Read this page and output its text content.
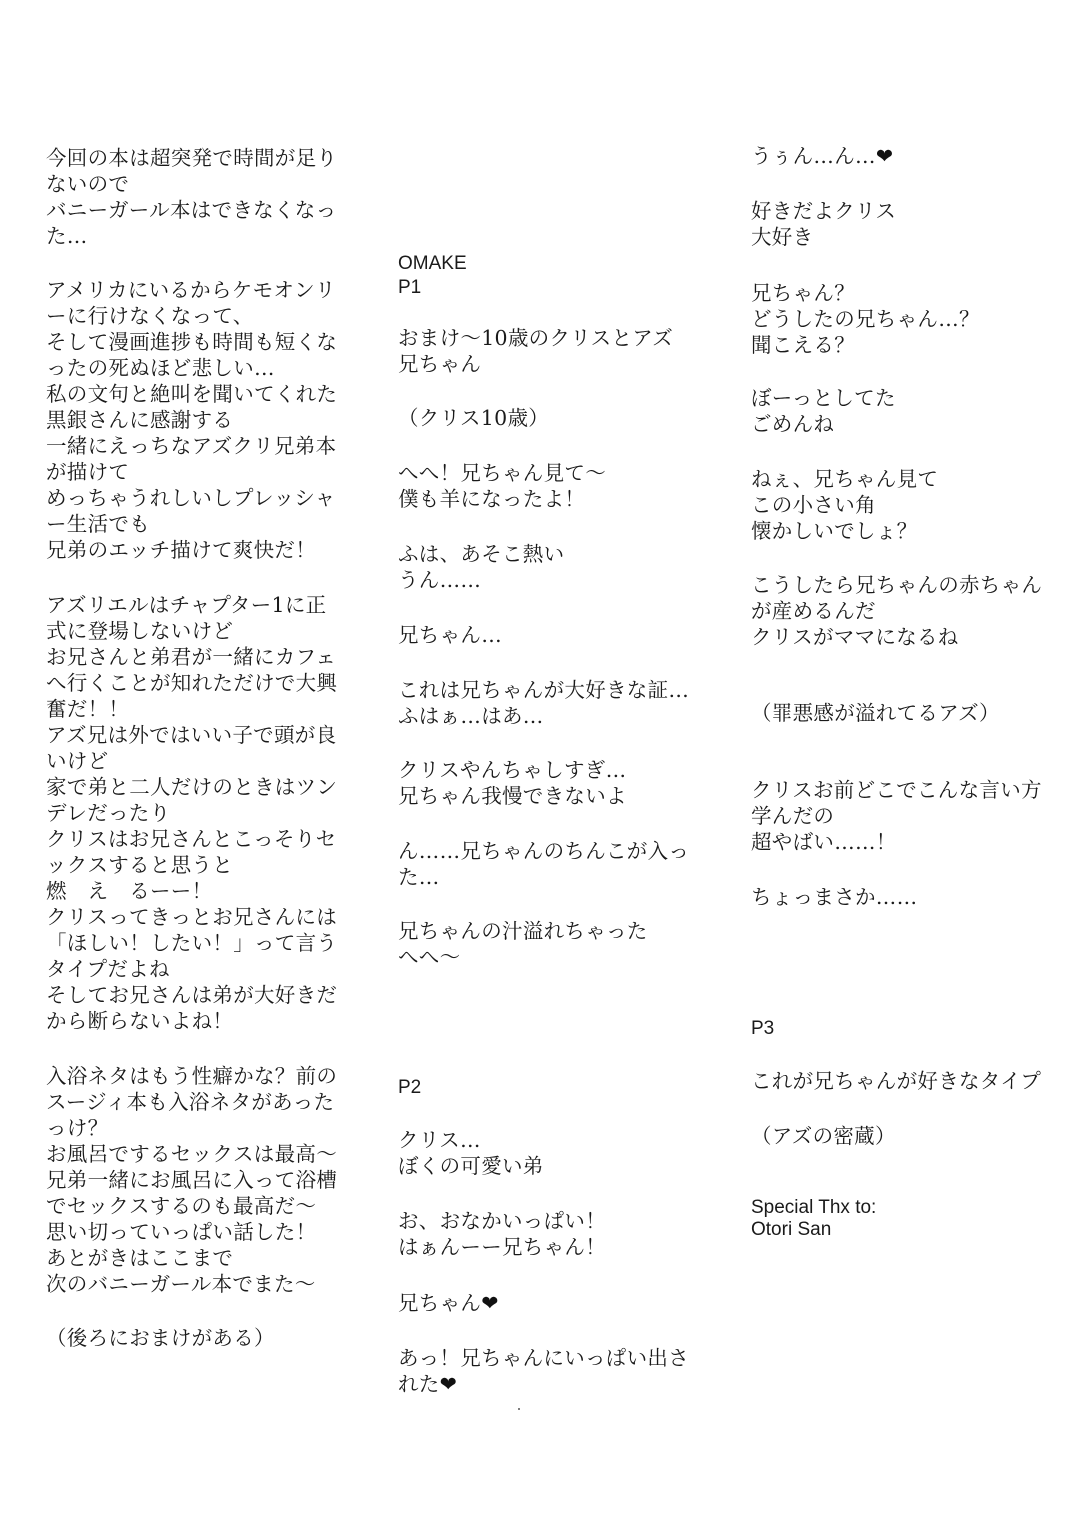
今回の本は超突発で時間が足り
ないので
バニーガール本はできなくなっ
た…
アメリカにいるからケモオンリ
ーに行けなくなって、
そして漫画進捗も時間も短くな
ったの死ぬほど悲しい…
私の文句と絶叫を聞いてくれた
黒銀さんに感謝する
一緒にえっちなアズクリ兄弟本
が描けて
めっちゃうれしいしプレッシャ
ー生活でも
兄弟のエッチ描けて爽快だ！
アズリエルはチャプター1に正
式に登場しないけど
お兄さんと弟君が一緒にカフェ
へ行くことが知れただけで大興
奮だ！！
アズ兄は外ではいい子で頭が良
いけど
家で弟と二人だけのときはツン
デレだったり
クリスはお兄さんとこっそりセ
ックスすると思うと
燃　え　るーー！
クリスってきっとお兄さんには
「ほしい！したい！」って言う
タイプだよね
そしてお兄さんは弟が大好きだ
から断らないよね！
入浴ネタはもう性癖かな？前の
スージィ本も入浴ネタがあった
っけ？
お風呂でするセックスは最高～
兄弟一緒にお風呂に入って浴槽
でセックスするのも最高だ～
思い切っていっぱい話した！
あとがきはここまで
次のバニーガール本でまた～
（後ろにおまけがある）
OMAKE
P1
おまけ～10歳のクリスとアズ
兄ちゃん
（クリス10歳）
へへ！兄ちゃん見て～
僕も羊になったよ！
ふは、あそこ熱い
うん……
兄ちゃん…
これは兄ちゃんが大好きな証…
ふはぁ…はあ…
クリスやんちゃしすぎ…
兄ちゃん我慢できないよ
ん……兄ちゃんのちんこが入っ
た…
兄ちゃんの汁溢れちゃった
へへ～
P2
クリス…
ぼくの可愛い弟
お、おなかいっぱい！
はぁんーー兄ちゃん！
兄ちゃん❤
あっ！兄ちゃんにいっぱい出さ
れた❤
うぅん…ん…❤
好きだよクリス
大好き
兄ちゃん？
どうしたの兄ちゃん…？
聞こえる？
ぼーっとしてた
ごめんね
ねぇ、兄ちゃん見て
この小さい角
懐かしいでしょ？
こうしたら兄ちゃんの赤ちゃん
が産めるんだ
クリスがママになるね
（罪悪感が溢れてるアズ）
クリスお前どこでこんな言い方
学んだの
超やばい……！
ちょっまさか……
P3
これが兄ちゃんが好きなタイプ
（アズの密蔵）
Special Thx to:
Otori San
